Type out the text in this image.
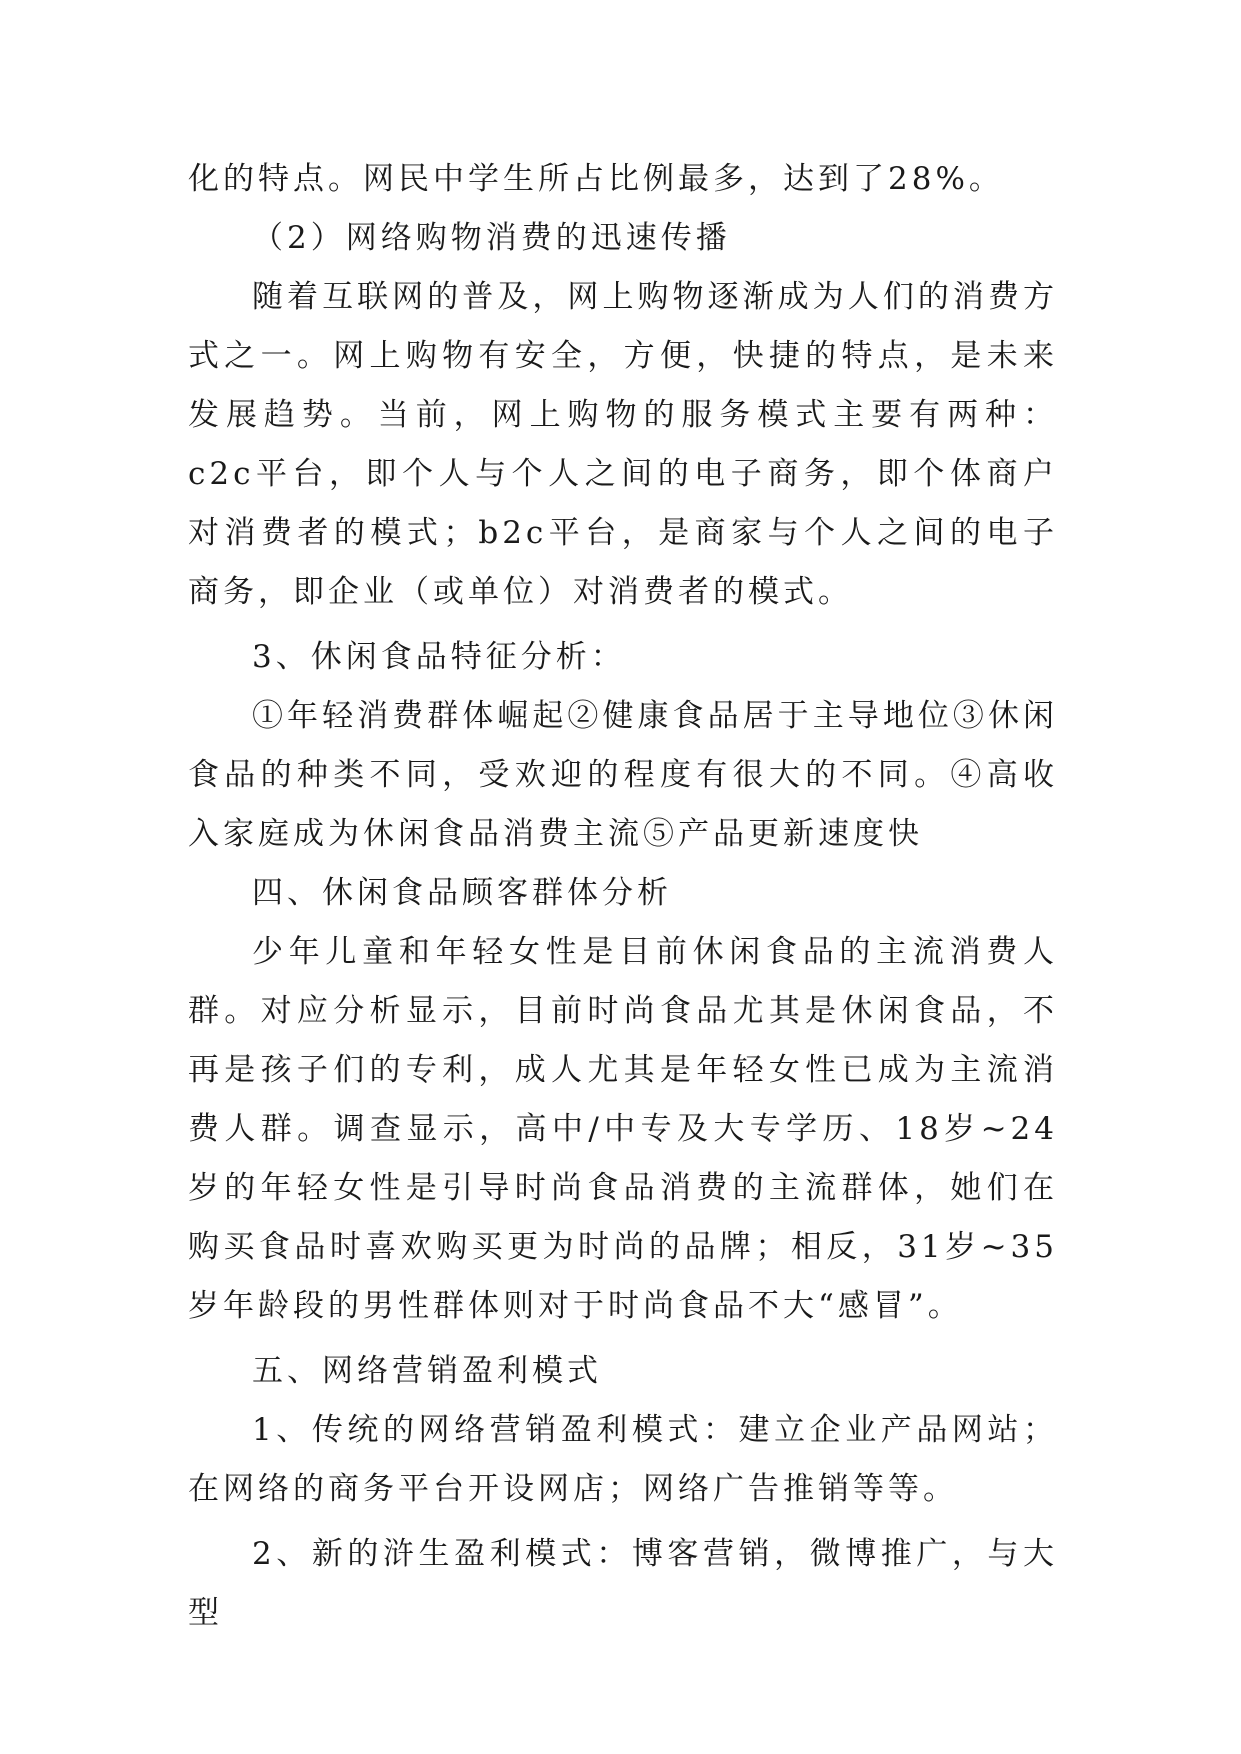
化的特点。网民中学生所占比例最多，达到了28%。

（2）网络购物消费的迅速传播

随着互联网的普及，网上购物逐渐成为人们的消费方式之一。网上购物有安全，方便，快捷的特点，是未来发展趋势。当前，网上购物的服务模式主要有两种：c2c平台，即个人与个人之间的电子商务，即个体商户对消费者的模式；b2c平台，是商家与个人之间的电子商务，即企业（或单位）对消费者的模式。

3、休闲食品特征分析：

①年轻消费群体崛起②健康食品居于主导地位③休闲食品的种类不同，受欢迎的程度有很大的不同。④高收入家庭成为休闲食品消费主流⑤产品更新速度快

四、休闲食品顾客群体分析

少年儿童和年轻女性是目前休闲食品的主流消费人群。对应分析显示，目前时尚食品尤其是休闲食品，不再是孩子们的专利，成人尤其是年轻女性已成为主流消费人群。调查显示，高中/中专及大专学历、18岁~24岁的年轻女性是引导时尚食品消费的主流群体，她们在购买食品时喜欢购买更为时尚的品牌；相反，31岁~35岁年龄段的男性群体则对于时尚食品不大“感冒”。

五、网络营销盈利模式

1、传统的网络营销盈利模式：建立企业产品网站；在网络的商务平台开设网店；网络广告推销等等。

2、新的浒生盈利模式：博客营销，微博推广，与大型
